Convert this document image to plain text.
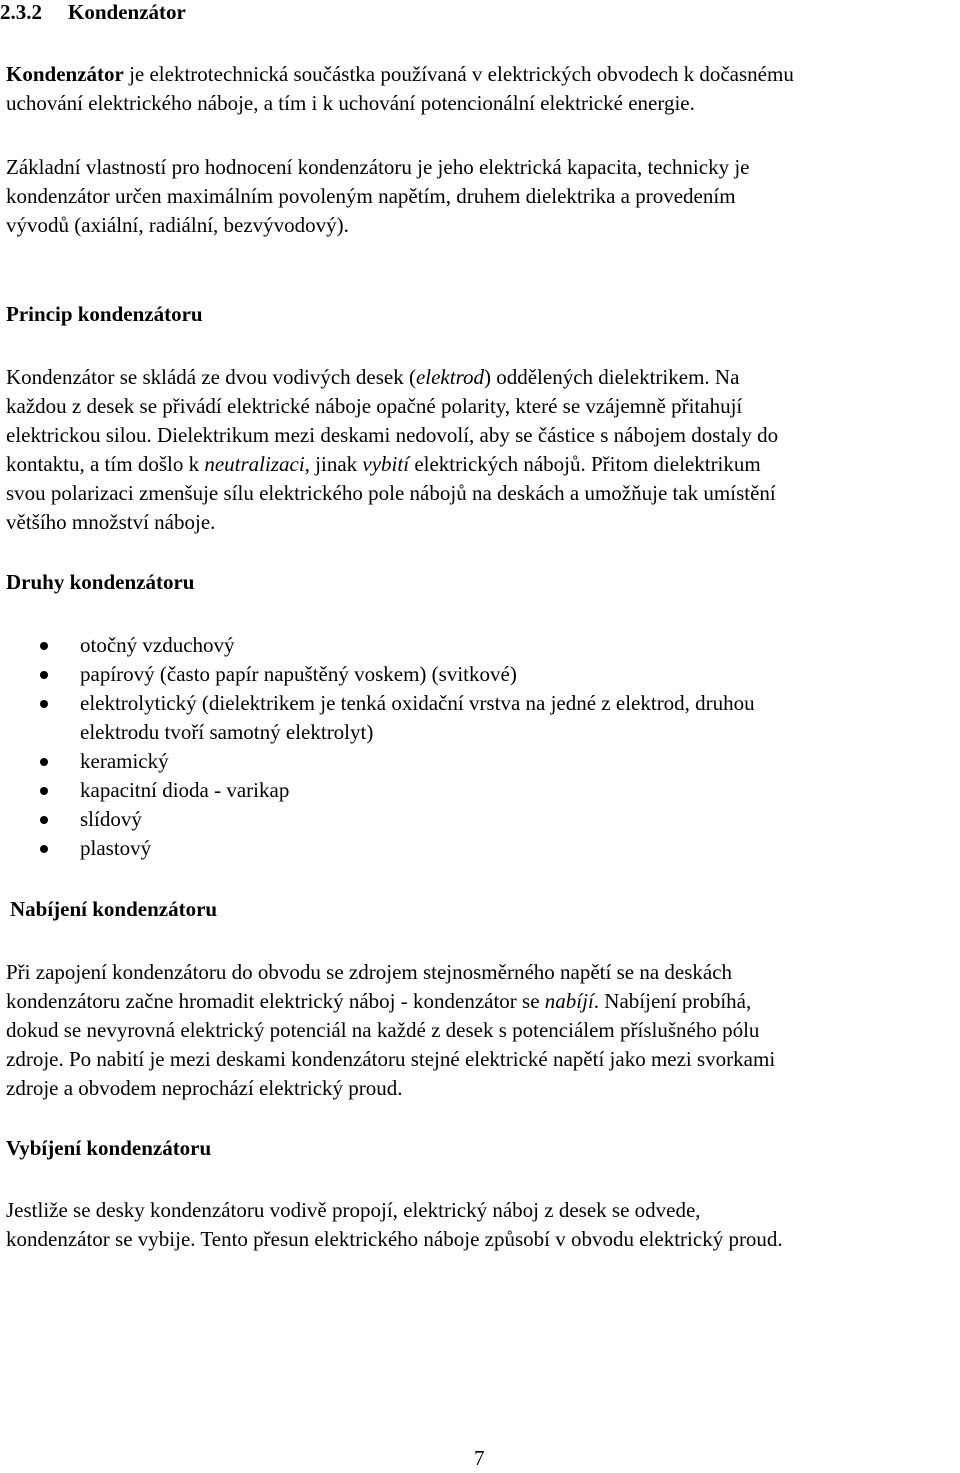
2.3.2 Kondenzátor
Kondenzátor je elektrotechnická součástka používaná v elektrických obvodech k dočasnému
uchování elektrického náboje, a tím i k uchování potencionální elektrické energie.
Základní vlastností pro hodnocení kondenzátoru je jeho elektrická kapacita, technicky je
kondenzátor určen maximálním povoleným napětím, druhem dielektrika a provedením
vývodů (axiální, radiální, bezvývodový).
Princip kondenzátoru
Kondenzátor se skládá ze dvou vodivých desek (elektrod) oddělených dielektrikem. Na
každou z desek se přivádí elektrické náboje opačné polarity, které se vzájemně přitahují
elektrickou silou. Dielektrikum mezi deskami nedovolí, aby se částice s nábojem dostaly do
kontaktu, a tím došlo k neutralizaci, jinak vybití elektrických nábojů. Přitom dielektrikum
svou polarizaci zmenšuje sílu elektrického pole nábojů na deskách a umožňuje tak umístění
většího množství náboje.
Druhy kondenzátoru
otočný vzduchový
papírový (často papír napuštěný voskem) (svitkové)
elektrolytický (dielektrikem je tenká oxidační vrstva na jedné z elektrod, druhou
elektrodu tvoří samotný elektrolyt)
keramický
kapacitní dioda - varikap
slídový
plastový
Nabíjení kondenzátoru
Při zapojení kondenzátoru do obvodu se zdrojem stejnosměrného napětí se na deskách
kondenzátoru začne hromadit elektrický náboj - kondenzátor se nabíjí. Nabíjení probíhá,
dokud se nevyrovná elektrický potenciál na každé z desek s potenciálem příslušného pólu
zdroje. Po nabití je mezi deskami kondenzátoru stejné elektrické napětí jako mezi svorkami
zdroje a obvodem neprochází elektrický proud.
Vybíjení kondenzátoru
Jestliže se desky kondenzátoru vodivě propojí, elektrický náboj z desek se odvede,
kondenzátor se vybije. Tento přesun elektrického náboje způsobí v obvodu elektrický proud.
7
